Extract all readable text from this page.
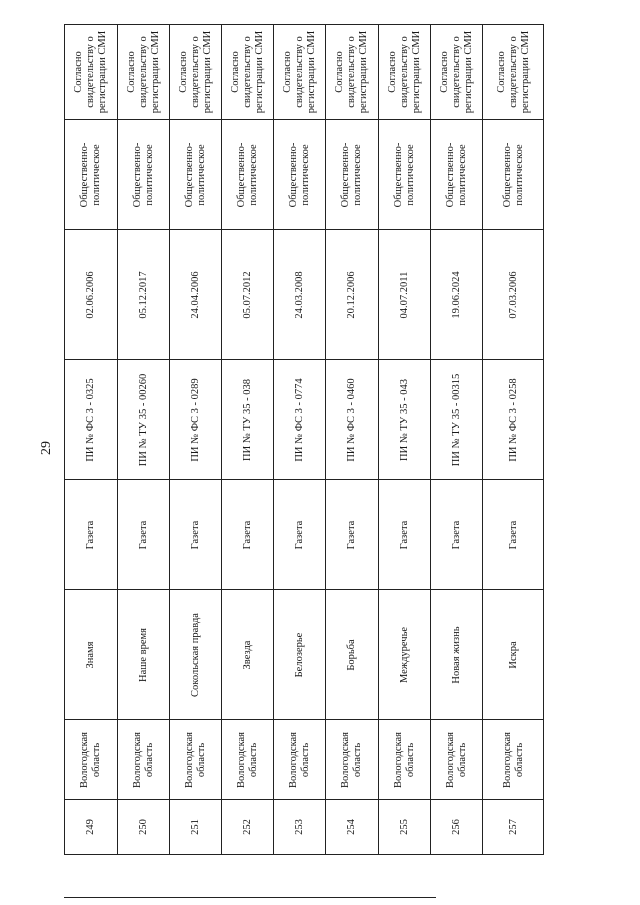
29
249
Вологодская
область
Знамя
Газета
ПИ № ФС 3 - 0325
02.06.2006
Общественно-
политическое
Согласно
свидетельству о
регистрации СМИ
250
Вологодская
область
Наше время
Газета
ПИ № ТУ 35 - 00260
05.12.2017
Общественно-
политическое
Согласно
свидетельству о
регистрации СМИ
251
Вологодская
область
Сокольская правда
Газета
ПИ № ФС 3 - 0289
24.04.2006
Общественно-
политическое
Согласно
свидетельству о
регистрации СМИ
252
Вологодская
область
Звезда
Газета
ПИ № ТУ 35 - 038
05.07.2012
Общественно-
политическое
Согласно
свидетельству о
регистрации СМИ
253
Вологодская
область
Белозерье
Газета
ПИ № ФС 3 - 0774
24.03.2008
Общественно-
политическое
Согласно
свидетельству о
регистрации СМИ
254
Вологодская
область
Борьба
Газета
ПИ № ФС 3 - 0460
20.12.2006
Общественно-
политическое
Согласно
свидетельству о
регистрации СМИ
255
Вологодская
область
Междуречье
Газета
ПИ № ТУ 35 - 043
04.07.2011
Общественно-
политическое
Согласно
свидетельству о
регистрации СМИ
256
Вологодская
область
Новая жизнь
Газета
ПИ № ТУ 35 - 00315
19.06.2024
Общественно-
политическое
Согласно
свидетельству о
регистрации СМИ
257
Вологодская
область
Искра
Газета
ПИ № ФС 3 - 0258
07.03.2006
Общественно-
политическое
Согласно
свидетельству о
регистрации СМИ
